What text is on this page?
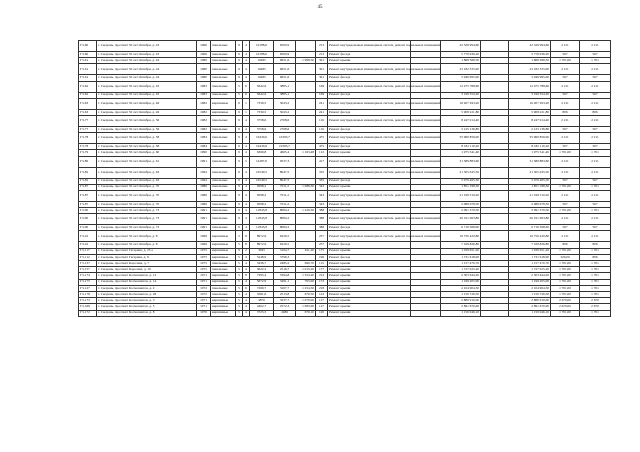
45
Г3-60	г. Сызрань, проспект 50 лет Октября, д. 43	1966	панельные	9	4	10188,6	6500,9		213	Ремонт внутридомовых инженерных систем, ремонт подвальных помещений		22 326 994,60		22 326 994,60	2 211	2 211
Г3-60	г. Сызрань, проспект 50 лет Октября, д. 43	1966	панельные	9	4	10188,6	6500,9		213	Ремонт фасада		5 776 936,20		5 776 936,20	567	567
Г3-61	г. Сызрань, проспект 50 лет Октября, д. 44	1980	панельные	9	4	10485	6651,6	1 998,50	301	Ремонт крыши		1 868 368,50		1 868 368,50	1 701,00	1 701
Г3-61	г. Сызрань, проспект 50 лет Октября, д. 44	1980	панельные	9	4	10485	6651,6		301	Ремонт внутридомовых инженерных систем, ремонт подвальных помещений		23 182 335,00		23 182 335,00	2 211	2 211
Г3-61	г. Сызрань, проспект 50 лет Октября, д. 44	1980	панельные	9	4	10485	6651,6		301	Ремонт фасада		5 946 995,00		5 946 995,00	567	567
Г3-62	г. Сызрань, проспект 50 лет Октября, д. 45	1983	панельные	5	6	5642,6	3885,1		169	Ремонт внутридомовых инженерных систем, ремонт подвальных помещений		12 475 788,60		12 475 788,60	2 211	2 211
Г3-62	г. Сызрань, проспект 50 лет Октября, д. 45	1983	панельные	5	6	5642,6	3885,1		169	Ремонт фасада		3 199 354,20		3 199 354,20	567	567
Г3-63	г. Сызрань, проспект 50 лет Октября, д. 46	1982	кирпичные	9	1	7339,5	5043,2		241	Ремонт внутридомовых инженерных систем, ремонт подвальных помещений		16 207 293,20		16 207 293,20	2 211	2 211
Г3-63	г. Сызрань, проспект 50 лет Октября, д. 46	1982	кирпичные	9	1	7339,5	5043,2		241	Ремонт фасада		5 908 221,80		5 908 221,80	806	806
Г3-77	г. Сызрань, проспект 50 лет Октября, д. 56	1982	панельные	9	4	3758,6	2708,6		116	Ремонт внутридомовых инженерных систем, ремонт подвальных помещений		8 247 014,40		8 247 014,40	2 211	2 211
Г3-77	г. Сызрань, проспект 50 лет Октября, д. 56	1982	панельные	9	4	3758,6	2708,6		116	Ремонт фасада		2 125 136,80		2 125 136,80	567	567
Г3-78	г. Сызрань, проспект 50 лет Октября, д. 58	1984	панельные	9	4	16430,6	10393,7		475	Ремонт внутридомовых инженерных систем, ремонт подвальных помещений		35 960 856,00		35 960 856,00	2 211	2 211
Г3-78	г. Сызрань, проспект 50 лет Октября, д. 58	1984	панельные	9	4	16430,6	10393,7		475	Ремонт фасада		8 182 110,20		8 182 110,20	567	567
Г3-79	г. Сызрань, проспект 50 лет Октября, д. 60	1990	панельные	9	4	6369,8	4665,4	1 163,48	112	Ремонт крыши		1 975 541,40		1 975 541,40	1 701,00	1 701
Г3-80	г. Сызрань, проспект 50 лет Октября, д. 61	1991	панельные	9	5	14287,6	9537,3		417	Ремонт внутридомовых инженерных систем, ремонт подвальных помещений		31 589 883,60		31 589 883,60	2 211	2 211
Г3-82	г. Сызрань, проспект 50 лет Октября, д. 63	1994	панельные	9	4	10540,5	8047,5		335	Ремонт внутридомовых инженерных систем, ремонт подвальных помещений		21 305 045,50		21 305 045,50	2 211	2 211
Г3-82	г. Сызрань, проспект 50 лет Октября, д. 63	1994	панельные	9	4	10540,5	8047,5		335	Ремонт фасада		5 976 465,50		5 976 465,50	567	567
Г3-87	г. Сызрань, проспект 50 лет Октября, д. 70	1986	панельные	9	4	9598,2	7011,2	1 088,30	343	Ремонт крыши		1 851 198,30		1 851 198,30	1 701,00	1 701
Г3-87	г. Сызрань, проспект 50 лет Октября, д. 70	1986	панельные	9	4	9598,2	7011,2		343	Ремонт внутридомовых инженерных систем, ремонт подвальных помещений		21 199 510,20		21 199 510,20	2 211	2 211
Г3-87	г. Сызрань, проспект 50 лет Октября, д. 70	1986	панельные	9	4	9598,2	7011,2		343	Ремонт фасада		2 089 678,50		2 089 678,50	567	567
Г3-90	г. Сызрань, проспект 50 лет Октября, д. 73	1991	панельные	9	4	11845,8	8084,2	1 229,50	388	Ремонт крыши		2 091 379,50		2 091 379,50	1 701,00	1 701
Г3-90	г. Сызрань, проспект 50 лет Октября, д. 73	1991	панельные	9	4	11845,8	8084,2		388	Ремонт внутридомовых инженерных систем, ремонт подвальных помещений		26 191 063,80		26 191 063,80	2 211	2 211
Г3-90	г. Сызрань, проспект 50 лет Октября, д. 73	1991	панельные	9	4	11845,8	8084,2		388	Ремонт фасада		6 716 568,00		6 716 568,00	567	567
Г3-42	г. Сызрань, проспект 50 лет Октября, д. 8	1969	кирпичные	5	8	8972,6	6229,5		257	Ремонт внутридомовых инженерных систем, ремонт подвальных помещений		19 750 420,80		19 750 420,80	2 211	2 211
Г3-42	г. Сызрань, проспект 50 лет Октября, д. 8	1969	кирпичные	5	8	8972,6	6229,5		257	Ремонт фасада		7 169 826,80		7 169 826,80	806	806
Г3-117	г. Сызрань, проспект Гагарина, д. 25 а	1975	кирпичные	9	2	3945	3164,7	611,20	175	Ремонт крыши		1 039 651,20		1 039 651,20	1 701,00	1 701
Г3-112	г. Сызрань, проспект Гагарина, д. 9	1975	кирпичные	5	4	5248,9	3796,3		196	Ремонт фасада		1 731 618,00		1 731 618,00	329,00	806
Г3-137	г. Сызрань, проспект Королева, д. 7	1975	панельные	5	4	3436,7	2485,2	690,70	115	Ремонт крыши		1 157 470,70		1 157 470,70	1 701,00	1 701
Г3-157	г. Сызрань, проспект Королева, д. 10	1975	панельные	5	4	3622,2	2516,7	1 015,20	177	Ремонт крыши		1 727 025,20		1 727 025,20	1 701,00	1 701
Г3-174	г. Сызрань, проспект Космонавтов, д. 12	1971	кирпичные	5	8	7395,4	5394,8	1 354,20	214	Ремонт крыши		2 303 644,20		2 303 644,20	1 701,00	1 701
Г3-175	г. Сызрань, проспект Космонавтов, д. 14	1971	кирпичные	5	4	5672,9	3491,1	705,00	173	Ремонт крыши		1 199 205,00		1 199 205,00	1 701,00	1 701
Г3-127	г. Сызрань, проспект Космонавтов, д. 2	1972	панельные	5	6	7269,7	5267,7	1 254,50	218	Ремонт крыши		2 104 904,50		2 104 904,50	1 701,00	1 701
Г3-178	г. Сызрань, проспект Космонавтов, д. 28	1972	панельные	5	4	3581,6	2513,8	676,50	122	Ремонт крыши		1 150 726,50		1 150 726,50	1 701,00	1 701
Г3-173	г. Сызрань, проспект Космонавтов, д. 3	1971	кирпичные	5	4	4870	3237,7	1 079,00	117	Ремонт крыши		2 880 910,00		2 880 910,00	2 670,00	2 670
Г3-169	г. Сызрань, проспект Космонавтов, д. 5	1971	кирпичные	5	4	4402,7	2572,3	1 083,00	117	Ремонт крыши		2 891 670,00		2 891 670,00	2 670,00	2 670
Г3-172	г. Сызрань, проспект Космонавтов, д. 8	1970	кирпичные	5	4	3725,5	2486	676,10	120	Ремонт крыши		1 150 046,10		1 150 046,10	1 701,00	1 701
